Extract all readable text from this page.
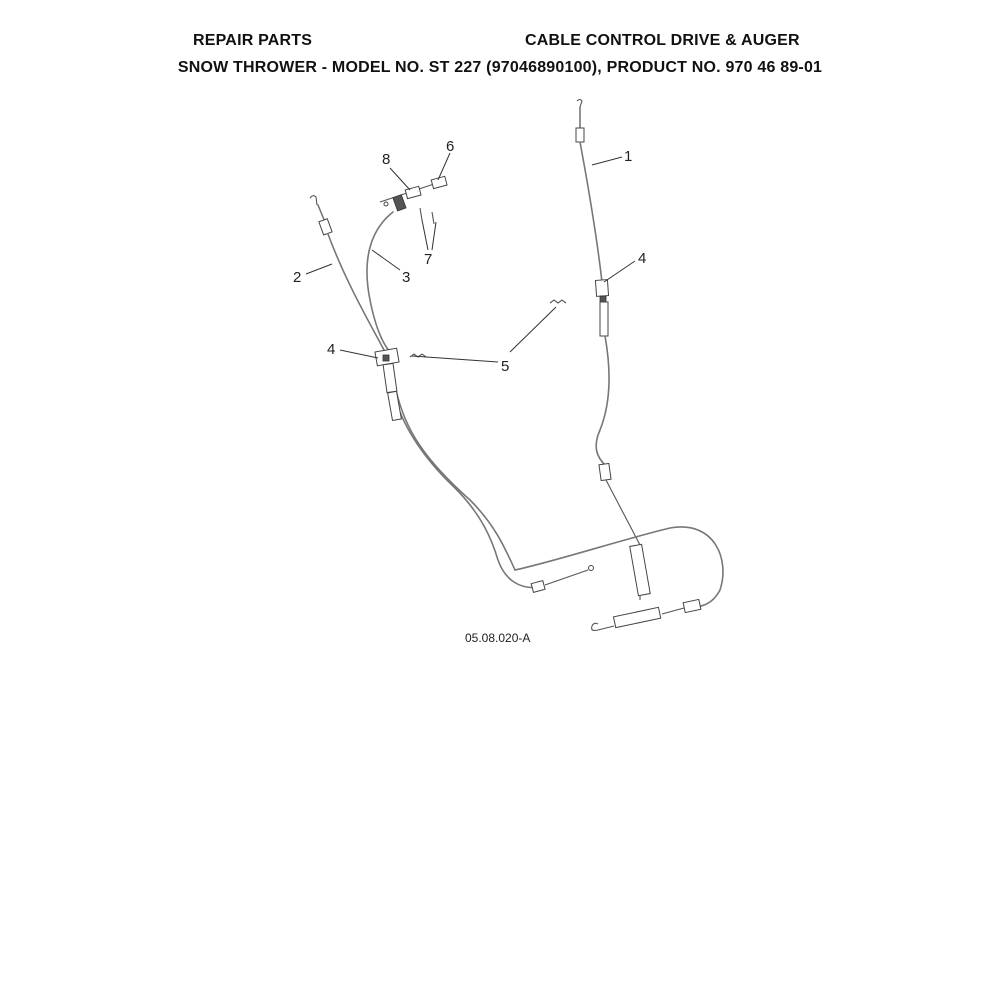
REPAIR PARTS	CABLE CONTROL DRIVE & AUGER
SNOW THROWER - MODEL NO. ST 227 (97046890100), PRODUCT NO. 970 46 89-01
1
2	3
4
4
5
6
7
8
05.08.020-A
